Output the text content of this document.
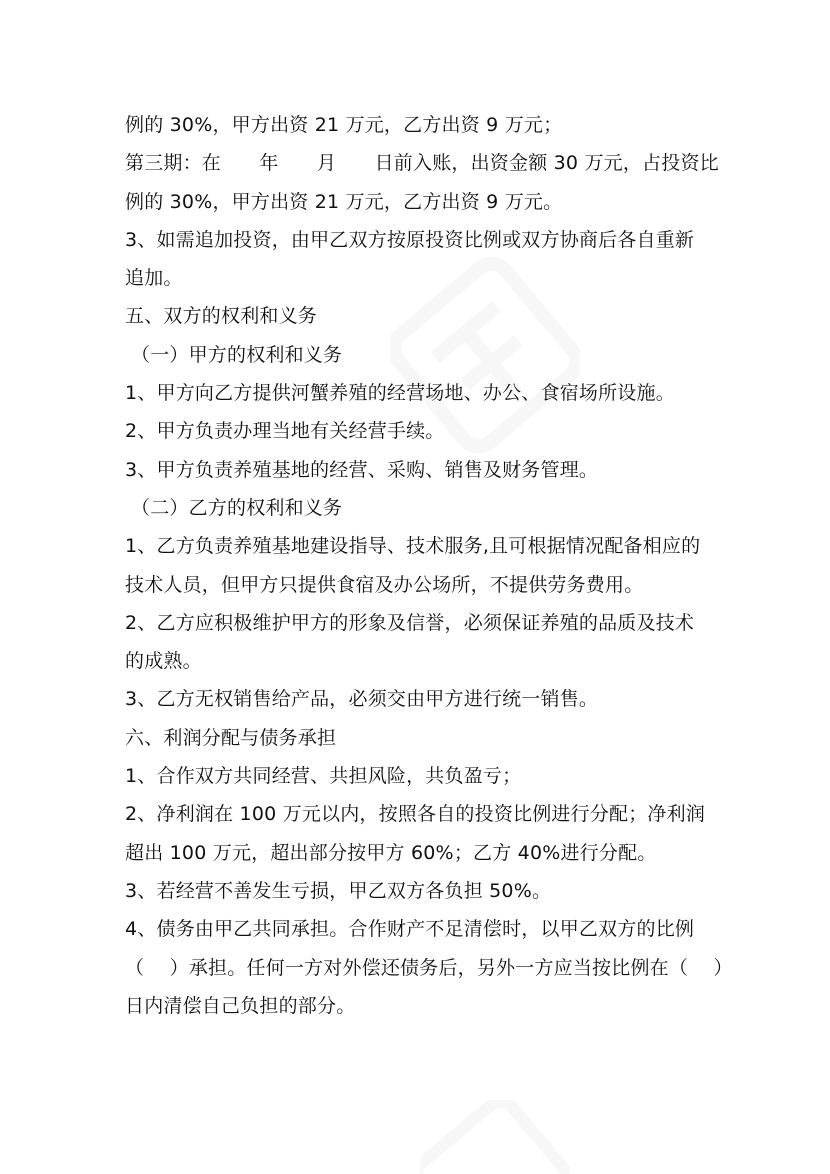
例的 30%，甲方出资 21 万元，乙方出资 9 万元；
第三期：在　　年　　月　　日前入账，出资金额 30 万元，占投资比
例的 30%，甲方出资 21 万元，乙方出资 9 万元。
3、如需追加投资，由甲乙双方按原投资比例或双方协商后各自重新
追加。
五、双方的权利和义务
（一）甲方的权利和义务
1、甲方向乙方提供河蟹养殖的经营场地、办公、食宿场所设施。
2、甲方负责办理当地有关经营手续。
3、甲方负责养殖基地的经营、采购、销售及财务管理。
（二）乙方的权利和义务
1、乙方负责养殖基地建设指导、技术服务,且可根据情况配备相应的
技术人员，但甲方只提供食宿及办公场所，不提供劳务费用。
2、乙方应积极维护甲方的形象及信誉，必须保证养殖的品质及技术
的成熟。
3、乙方无权销售给产品，必须交由甲方进行统一销售。
六、利润分配与债务承担
1、合作双方共同经营、共担风险，共负盈亏；
2、净利润在 100 万元以内，按照各自的投资比例进行分配；净利润
超出 100 万元，超出部分按甲方 60%；乙方 40%进行分配。
3、若经营不善发生亏损，甲乙双方各负担 50%。
4、债务由甲乙共同承担。合作财产不足清偿时，以甲乙双方的比例
（　 ）承担。任何一方对外偿还债务后，另外一方应当按比例在（　 ）
日内清偿自己负担的部分。
